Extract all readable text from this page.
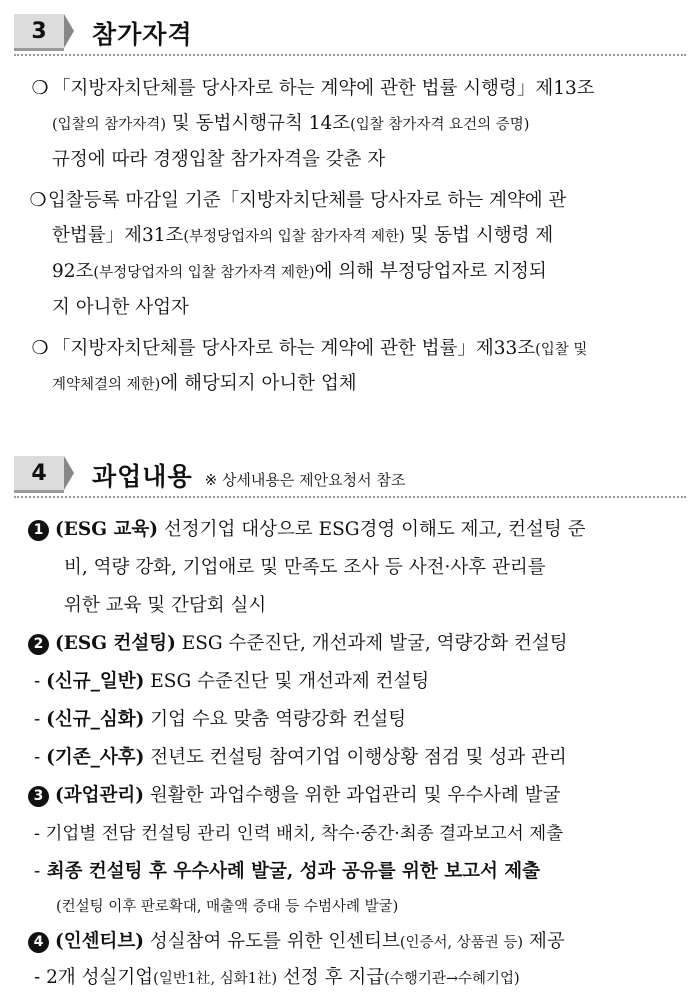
3	참가자격
❍ 「지방자치단체를 당사자로 하는 계약에 관한 법률 시행령」제13조
(입찰의 참가자격) 및 동법시행규칙 14조(입찰 참가자격 요건의 증명)
규정에 따라 경쟁입찰 참가자격을 갖춘 자
❍입찰등록 마감일 기준「지방자치단체를 당사자로 하는 계약에 관
한법률」제31조(부정당업자의 입찰 참가자격 제한) 및 동법 시행령 제
92조(부정당업자의 입찰 참가자격 제한)에 의해 부정당업자로 지정되
지 아니한 사업자
❍ 「지방자치단체를 당사자로 하는 계약에 관한 법률」제33조(입찰 및
계약체결의 제한)에 해당되지 아니한 업체
4	과업내용 ※ 상세내용은 제안요청서 참조
1 (ESG 교육) 선정기업 대상으로 ESG경영 이해도 제고, 컨설팅 준
비, 역량 강화, 기업애로 및 만족도 조사 등 사전·사후 관리를
위한 교육 및 간담회 실시
2 (ESG 컨설팅) ESG 수준진단, 개선과제 발굴, 역량강화 컨설팅
- (신규_일반) ESG 수준진단 및 개선과제 컨설팅
- (신규_심화) 기업 수요 맞춤 역량강화 컨설팅
- (기존_사후) 전년도 컨설팅 참여기업 이행상황 점검 및 성과 관리
3 (과업관리) 원활한 과업수행을 위한 과업관리 및 우수사례 발굴
- 기업별 전담 컨설팅 관리 인력 배치, 착수·중간·최종 결과보고서 제출
- 최종 컨설팅 후 우수사례 발굴, 성과 공유를 위한 보고서 제출
(컨설팅 이후 판로확대, 매출액 증대 등 수범사례 발굴)
4 (인센티브) 성실참여 유도를 위한 인센티브(인증서, 상품권 등) 제공
- 2개 성실기업(일반1社, 심화1社) 선정 후 지급(수행기관→수혜기업)
